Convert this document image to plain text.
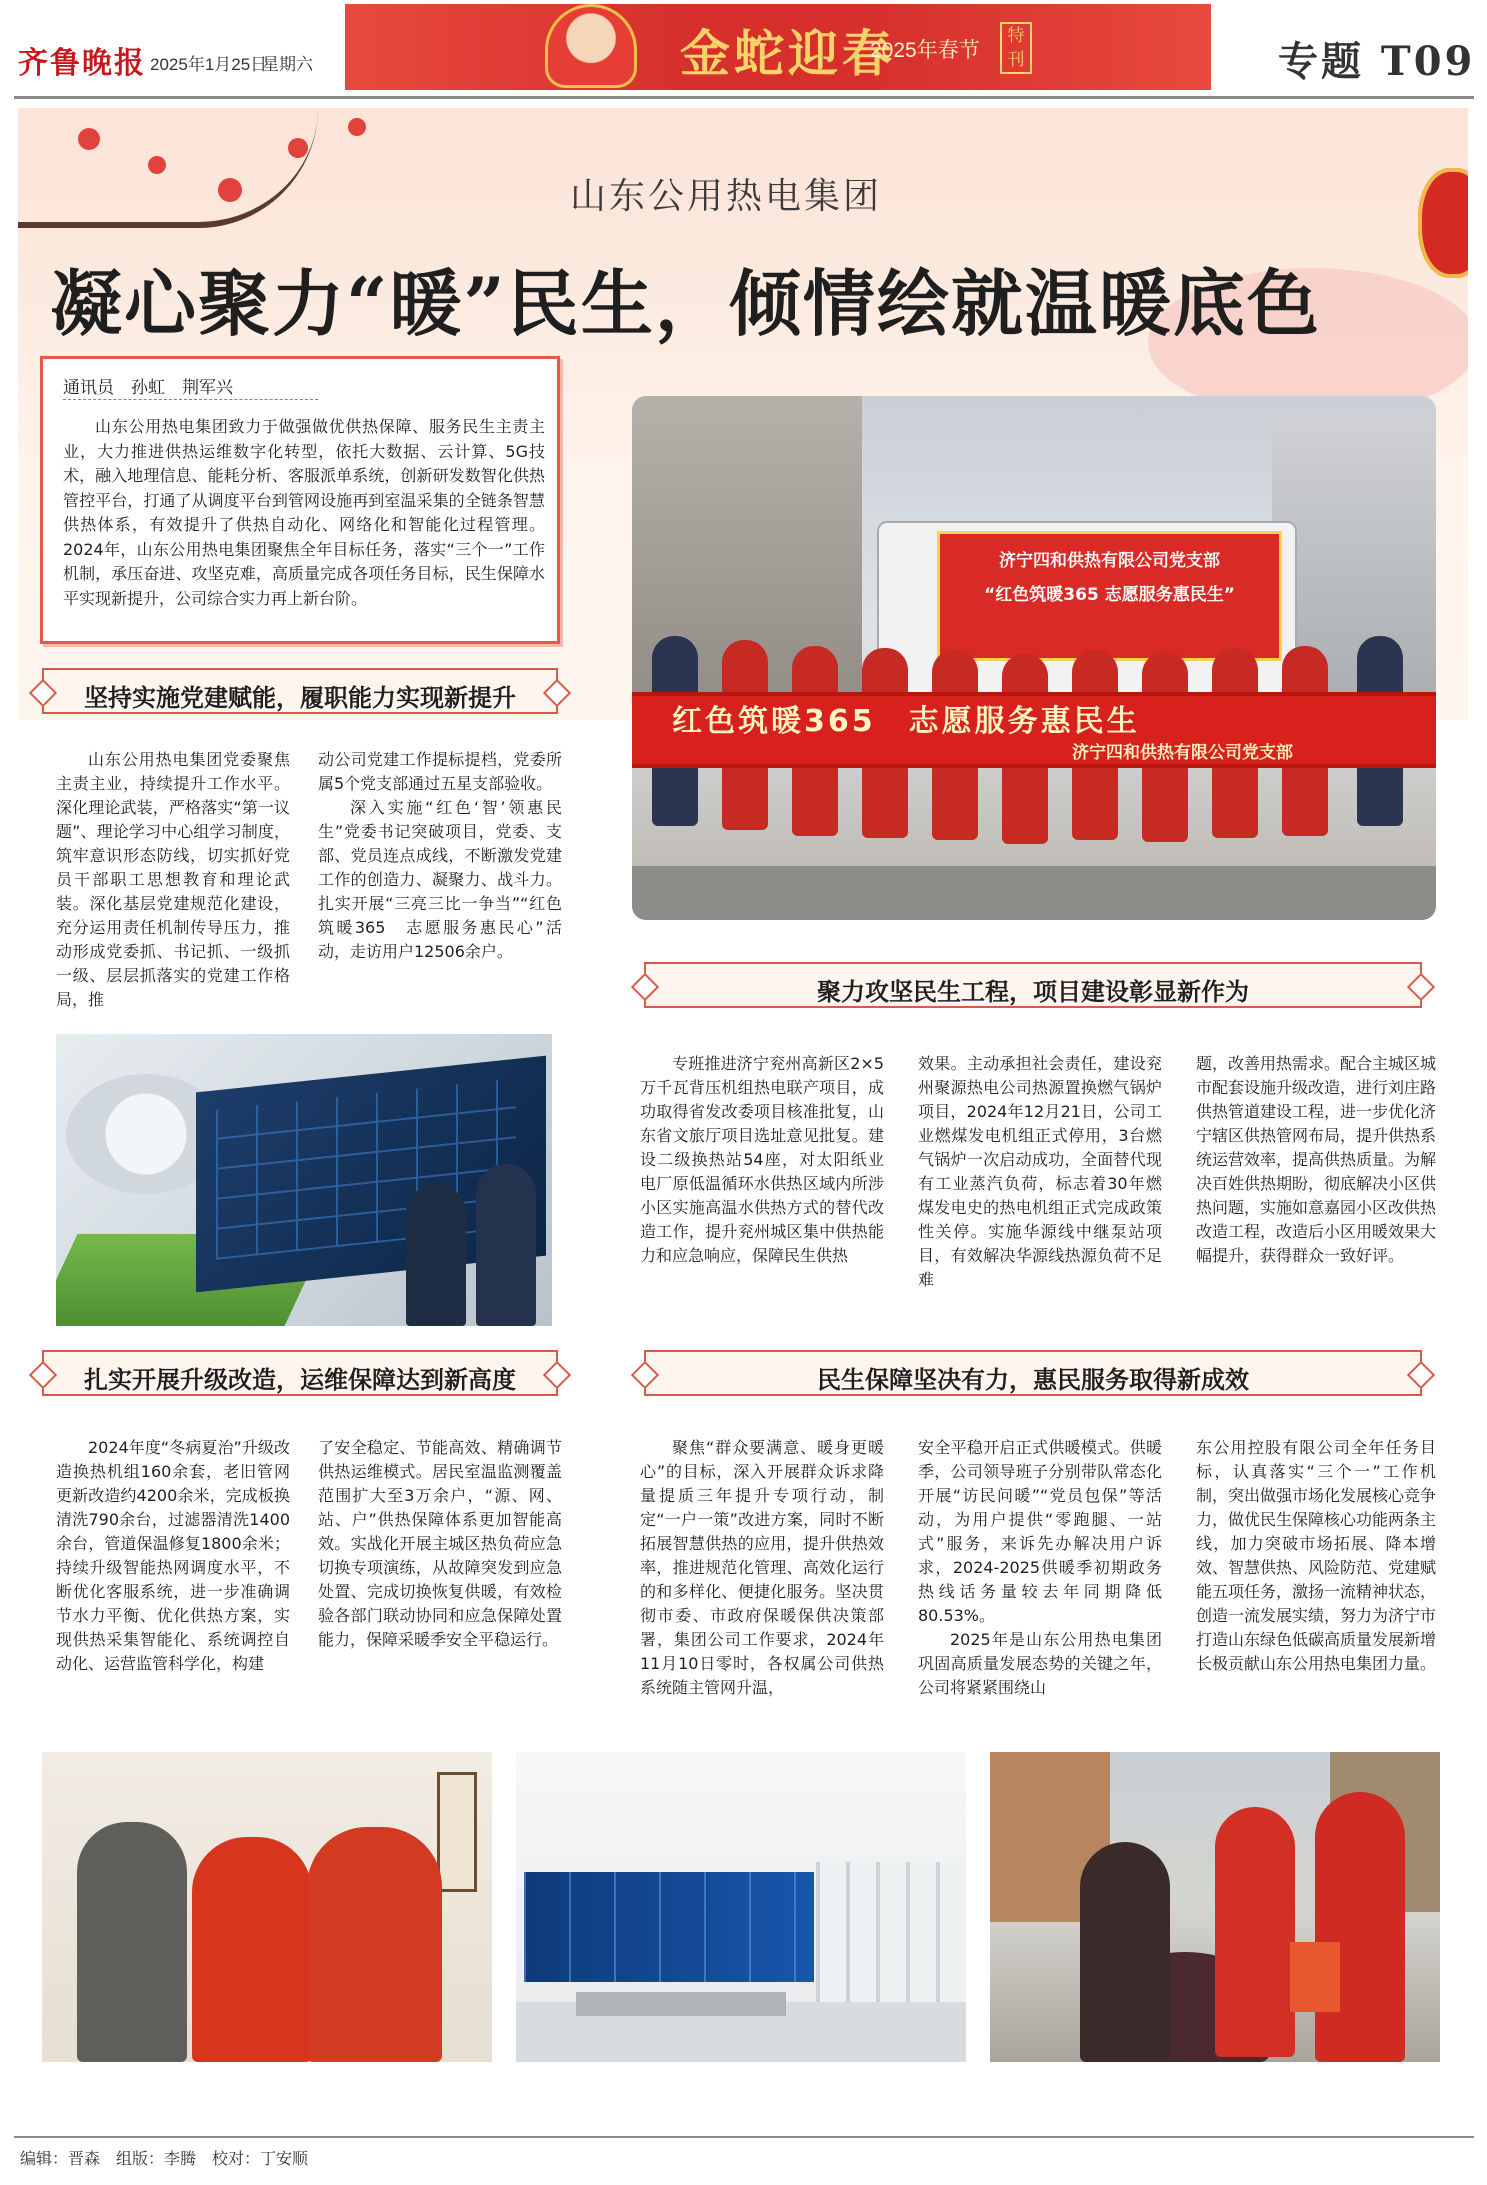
齐鲁晚报 2025年1月25日
星期六	金蛇迎春
2025年春节
特刊	专题 T09
山东公用热电集团
凝心聚力“暖”民生，倾情绘就温暖底色
通讯员　孙虹　荆军兴
山东公用热电集团致力于做强做优供热保障、服务民生主责主业，大力推进供热运维数字化转型，依托大数据、云计算、5G技术，融入地理信息、能耗分析、客服派单系统，创新研发数智化供热管控平台，打通了从调度平台到管网设施再到室温采集的全链条智慧供热体系，有效提升了供热自动化、网络化和智能化过程管理。2024年，山东公用热电集团聚焦全年目标任务，落实“三个一”工作机制，承压奋进、攻坚克难，高质量完成各项任务目标，民生保障水平实现新提升，公司综合实力再上新台阶。
济宁四和供热有限公司党支部
“红色筑暖365 志愿服务惠民生”
红色筑暖365　志愿服务惠民生
济宁四和供热有限公司党支部
坚持实施党建赋能，履职能力实现新提升

山东公用热电集团党委聚焦主责主业，持续提升工作水平。深化理论武装，严格落实“第一议题”、理论学习中心组学习制度，筑牢意识形态防线，切实抓好党员干部职工思想教育和理论武装。深化基层党建规范化建设，充分运用责任机制传导压力，推动形成党委抓、书记抓、一级抓一级、层层抓落实的党建工作格局，推

动公司党建工作提标提档，党委所属5个党支部通过五星支部验收。

深入实施“红色‘智’领惠民生”党委书记突破项目，党委、支部、党员连点成线，不断激发党建工作的创造力、凝聚力、战斗力。扎实开展“三亮三比一争当”“红色筑暖365　志愿服务惠民心”活动，走访用户12506余户。

聚力攻坚民生工程，项目建设彰显新作为

专班推进济宁兖州高新区2×5万千瓦背压机组热电联产项目，成功取得省发改委项目核准批复，山东省文旅厅项目选址意见批复。建设二级换热站54座，对太阳纸业电厂原低温循环水供热区域内所涉小区实施高温水供热方式的替代改造工作，提升兖州城区集中供热能力和应急响应，保障民生供热

效果。主动承担社会责任，建设兖州聚源热电公司热源置换燃气锅炉项目，2024年12月21日，公司工业燃煤发电机组正式停用，3台燃气锅炉一次启动成功，全面替代现有工业蒸汽负荷，标志着30年燃煤发电史的热电机组正式完成政策性关停。实施华源线中继泵站项目，有效解决华源线热源负荷不足难

题，改善用热需求。配合主城区城市配套设施升级改造，进行刘庄路供热管道建设工程，进一步优化济宁辖区供热管网布局，提升供热系统运营效率，提高供热质量。为解决百姓供热期盼，彻底解决小区供热问题，实施如意嘉园小区改供热改造工程，改造后小区用暖效果大幅提升，获得群众一致好评。

扎实开展升级改造，运维保障达到新高度

2024年度“冬病夏治”升级改造换热机组160余套，老旧管网更新改造约4200余米，完成板换清洗790余台，过滤器清洗1400余台，管道保温修复1800余米；持续升级智能热网调度水平，不断优化客服系统，进一步准确调节水力平衡、优化供热方案，实现供热采集智能化、系统调控自动化、运营监管科学化，构建

了安全稳定、节能高效、精确调节供热运维模式。居民室温监测覆盖范围扩大至3万余户，“源、网、站、户”供热保障体系更加智能高效。实战化开展主城区热负荷应急切换专项演练，从故障突发到应急处置、完成切换恢复供暖，有效检验各部门联动协同和应急保障处置能力，保障采暖季安全平稳运行。

民生保障坚决有力，惠民服务取得新成效

聚焦“群众要满意、暖身更暖心”的目标，深入开展群众诉求降量提质三年提升专项行动，制定“一户一策”改进方案，同时不断拓展智慧供热的应用，提升供热效率，推进规范化管理、高效化运行的和多样化、便捷化服务。坚决贯彻市委、市政府保暖保供决策部署，集团公司工作要求，2024年11月10日零时，各权属公司供热系统随主管网升温，

安全平稳开启正式供暖模式。供暖季，公司领导班子分别带队常态化开展“访民问暖”“党员包保”等活动，为用户提供“零跑腿、一站式”服务，来诉先办解决用户诉求，2024-2025供暖季初期政务热线话务量较去年同期降低80.53%。

2025年是山东公用热电集团巩固高质量发展态势的关键之年，公司将紧紧围绕山

东公用控股有限公司全年任务目标，认真落实“三个一”工作机制，突出做强市场化发展核心竞争力，做优民生保障核心功能两条主线，加力突破市场拓展、降本增效、智慧供热、风险防范、党建赋能五项任务，激扬一流精神状态，创造一流发展实绩，努力为济宁市打造山东绿色低碳高质量发展新增长极贡献山东公用热电集团力量。

编辑：晋森　组版：李腾　校对：丁安顺
